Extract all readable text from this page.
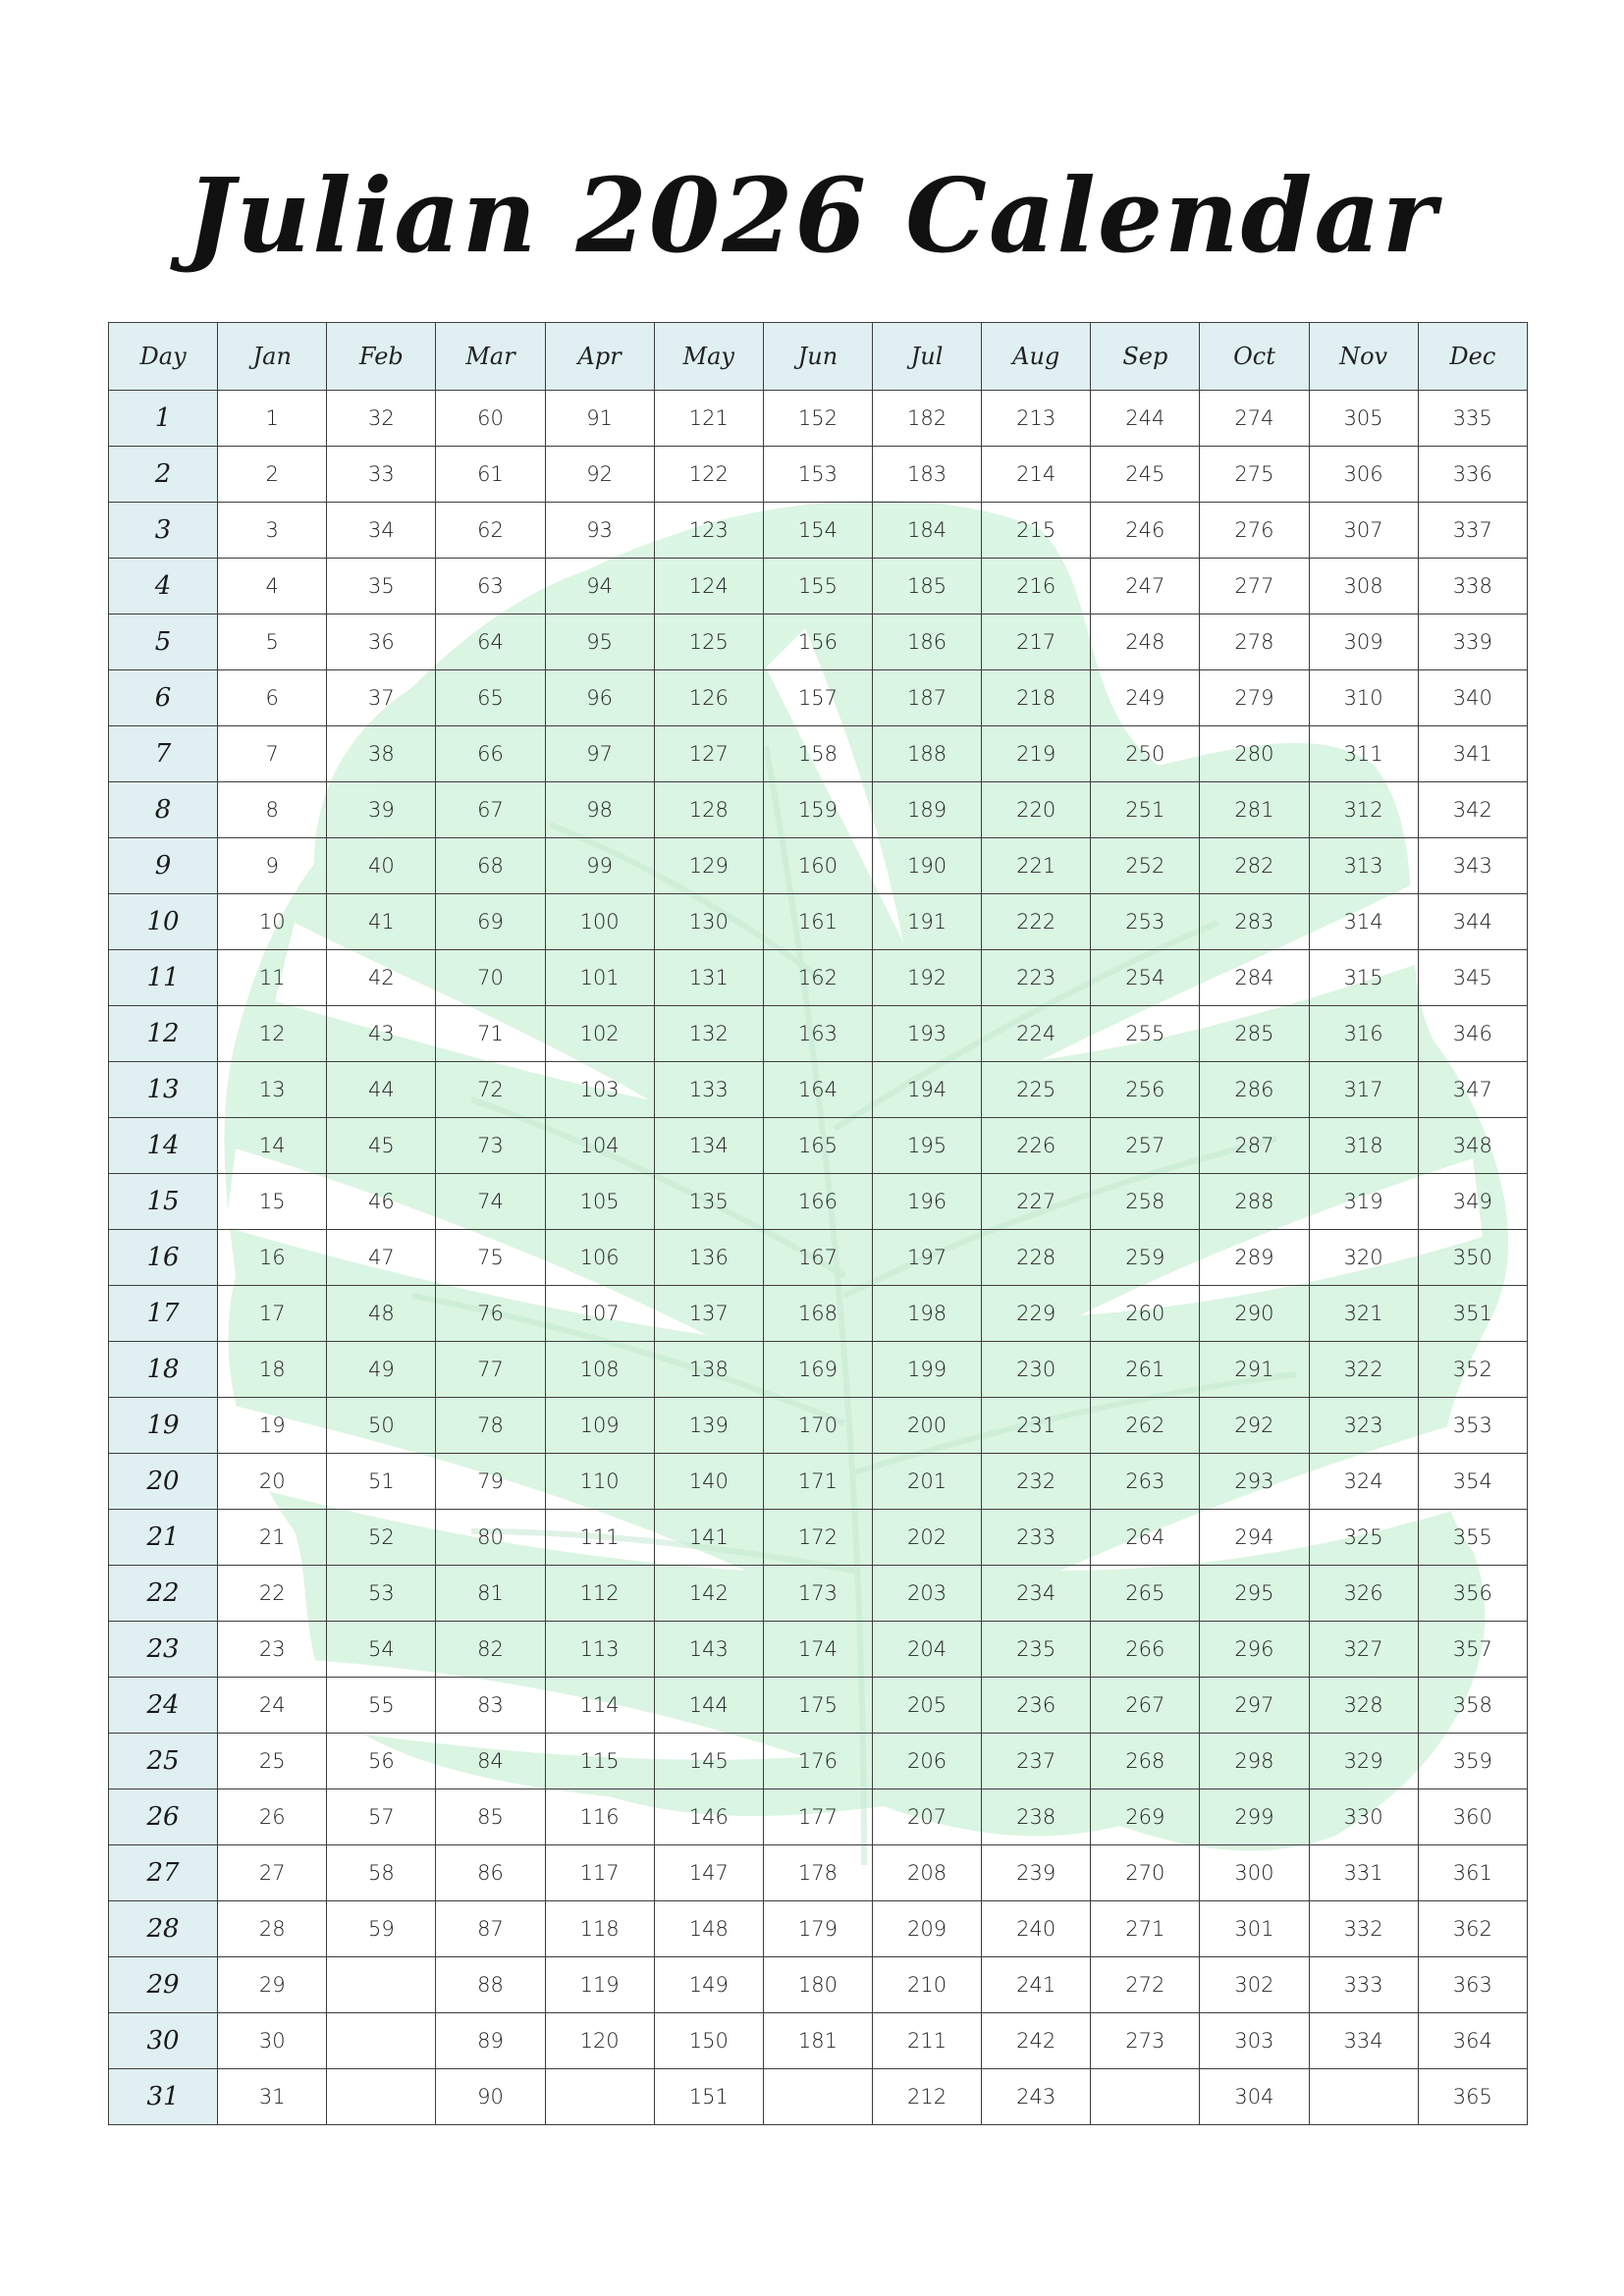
Julian 2026 Calendar
Day	Jan	Feb	Mar	Apr	May	Jun	Jul	Aug	Sep	Oct	Nov	Dec
1	1	32	60	91	121	152	182	213	244	274	305	335
2	2	33	61	92	122	153	183	214	245	275	306	336
3	3	34	62	93	123	154	184	215	246	276	307	337
4	4	35	63	94	124	155	185	216	247	277	308	338
5	5	36	64	95	125	156	186	217	248	278	309	339
6	6	37	65	96	126	157	187	218	249	279	310	340
7	7	38	66	97	127	158	188	219	250	280	311	341
8	8	39	67	98	128	159	189	220	251	281	312	342
9	9	40	68	99	129	160	190	221	252	282	313	343
10	10	41	69	100	130	161	191	222	253	283	314	344
11	11	42	70	101	131	162	192	223	254	284	315	345
12	12	43	71	102	132	163	193	224	255	285	316	346
13	13	44	72	103	133	164	194	225	256	286	317	347
14	14	45	73	104	134	165	195	226	257	287	318	348
15	15	46	74	105	135	166	196	227	258	288	319	349
16	16	47	75	106	136	167	197	228	259	289	320	350
17	17	48	76	107	137	168	198	229	260	290	321	351
18	18	49	77	108	138	169	199	230	261	291	322	352
19	19	50	78	109	139	170	200	231	262	292	323	353
20	20	51	79	110	140	171	201	232	263	293	324	354
21	21	52	80	111	141	172	202	233	264	294	325	355
22	22	53	81	112	142	173	203	234	265	295	326	356
23	23	54	82	113	143	174	204	235	266	296	327	357
24	24	55	83	114	144	175	205	236	267	297	328	358
25	25	56	84	115	145	176	206	237	268	298	329	359
26	26	57	85	116	146	177	207	238	269	299	330	360
27	27	58	86	117	147	178	208	239	270	300	331	361
28	28	59	87	118	148	179	209	240	271	301	332	362
29	29		88	119	149	180	210	241	272	302	333	363
30	30		89	120	150	181	211	242	273	303	334	364
31	31		90		151		212	243		304		365
